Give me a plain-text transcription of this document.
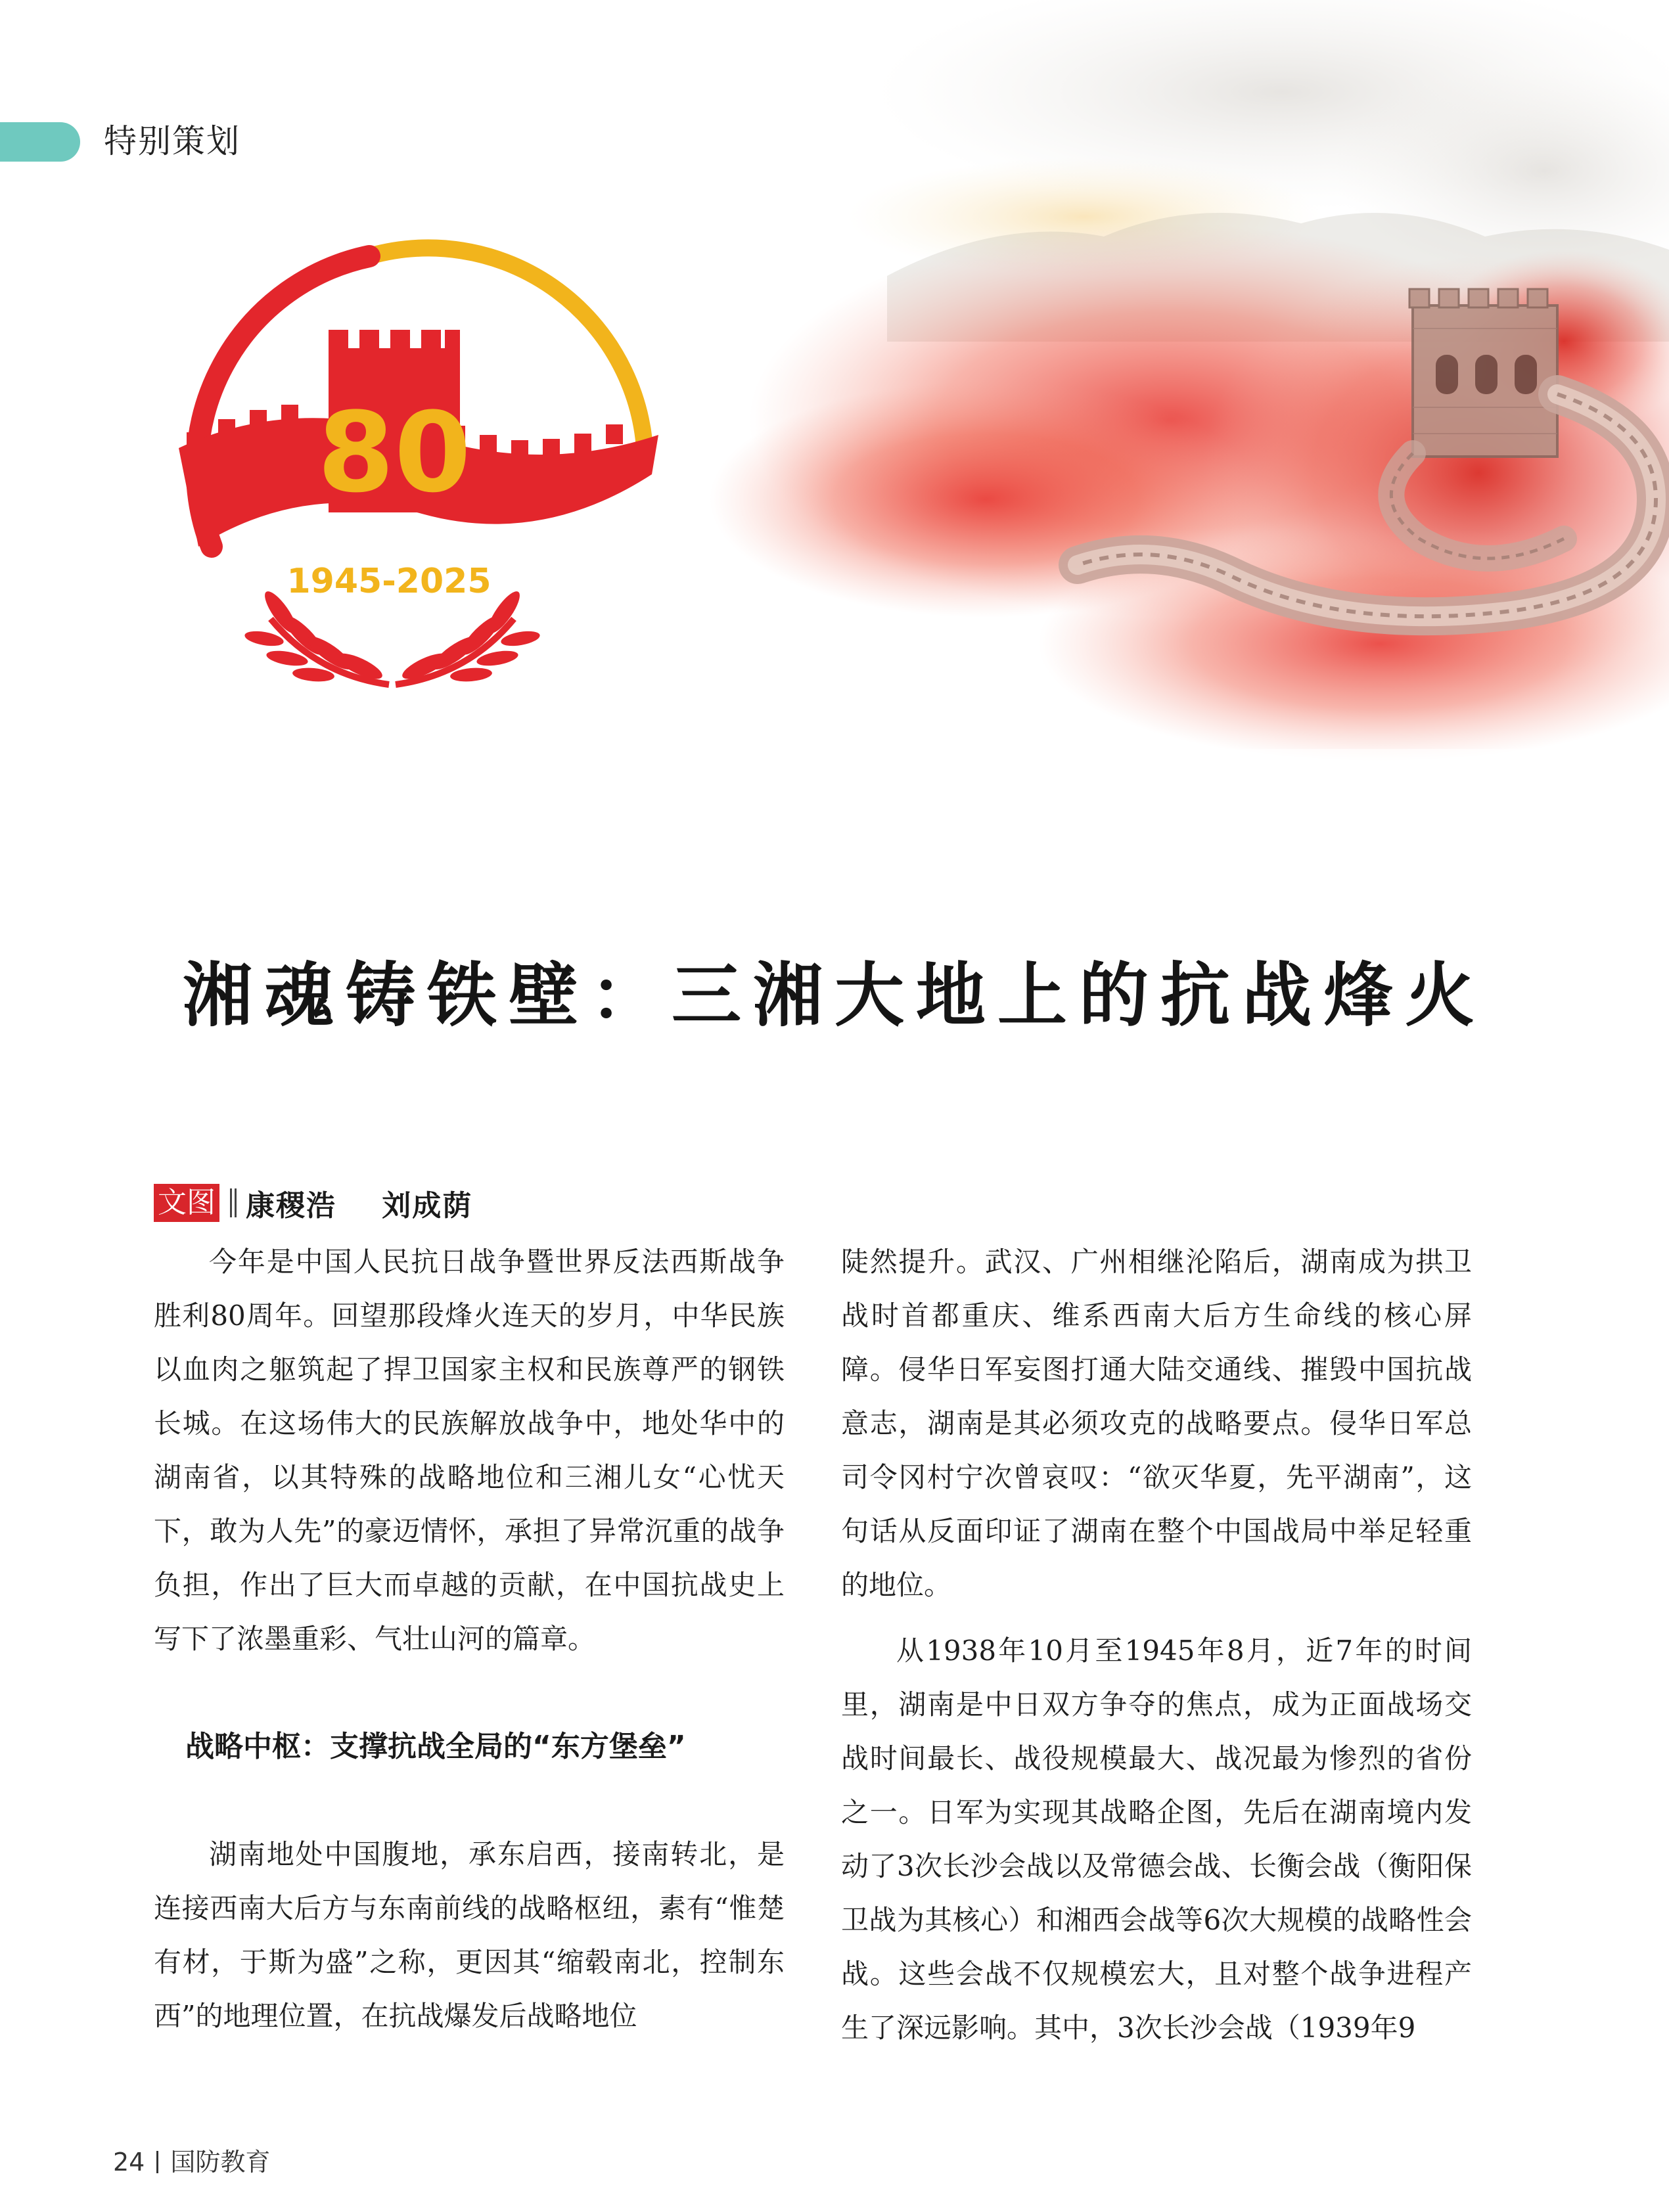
特别策划
80
1945-2025
湘魂铸铁壁：三湘大地上的抗战烽火
文图 康稷浩    刘成荫

今年是中国人民抗日战争暨世界反法西斯战争胜利80周年。回望那段烽火连天的岁月，中华民族以血肉之躯筑起了捍卫国家主权和民族尊严的钢铁长城。在这场伟大的民族解放战争中，地处华中的湖南省，以其特殊的战略地位和三湘儿女“心忧天下，敢为人先”的豪迈情怀，承担了异常沉重的战争负担，作出了巨大而卓越的贡献，在中国抗战史上写下了浓墨重彩、气壮山河的篇章。

战略中枢：支撑抗战全局的“东方堡垒”

湖南地处中国腹地，承东启西，接南转北，是连接西南大后方与东南前线的战略枢纽，素有“惟楚有材，于斯为盛”之称，更因其“缩毂南北，控制东西”的地理位置，在抗战爆发后战略地位

陡然提升。武汉、广州相继沦陷后，湖南成为拱卫战时首都重庆、维系西南大后方生命线的核心屏障。侵华日军妄图打通大陆交通线、摧毁中国抗战意志，湖南是其必须攻克的战略要点。侵华日军总司令冈村宁次曾哀叹：“欲灭华夏，先平湖南”，这句话从反面印证了湖南在整个中国战局中举足轻重的地位。

从1938年10月至1945年8月，近7年的时间里，湖南是中日双方争夺的焦点，成为正面战场交战时间最长、战役规模最大、战况最为惨烈的省份之一。日军为实现其战略企图，先后在湖南境内发动了3次长沙会战以及常德会战、长衡会战（衡阳保卫战为其核心）和湘西会战等6次大规模的战略性会战。这些会战不仅规模宏大，且对整个战争进程产生了深远影响。其中，3次长沙会战（1939年9

24 国防教育
